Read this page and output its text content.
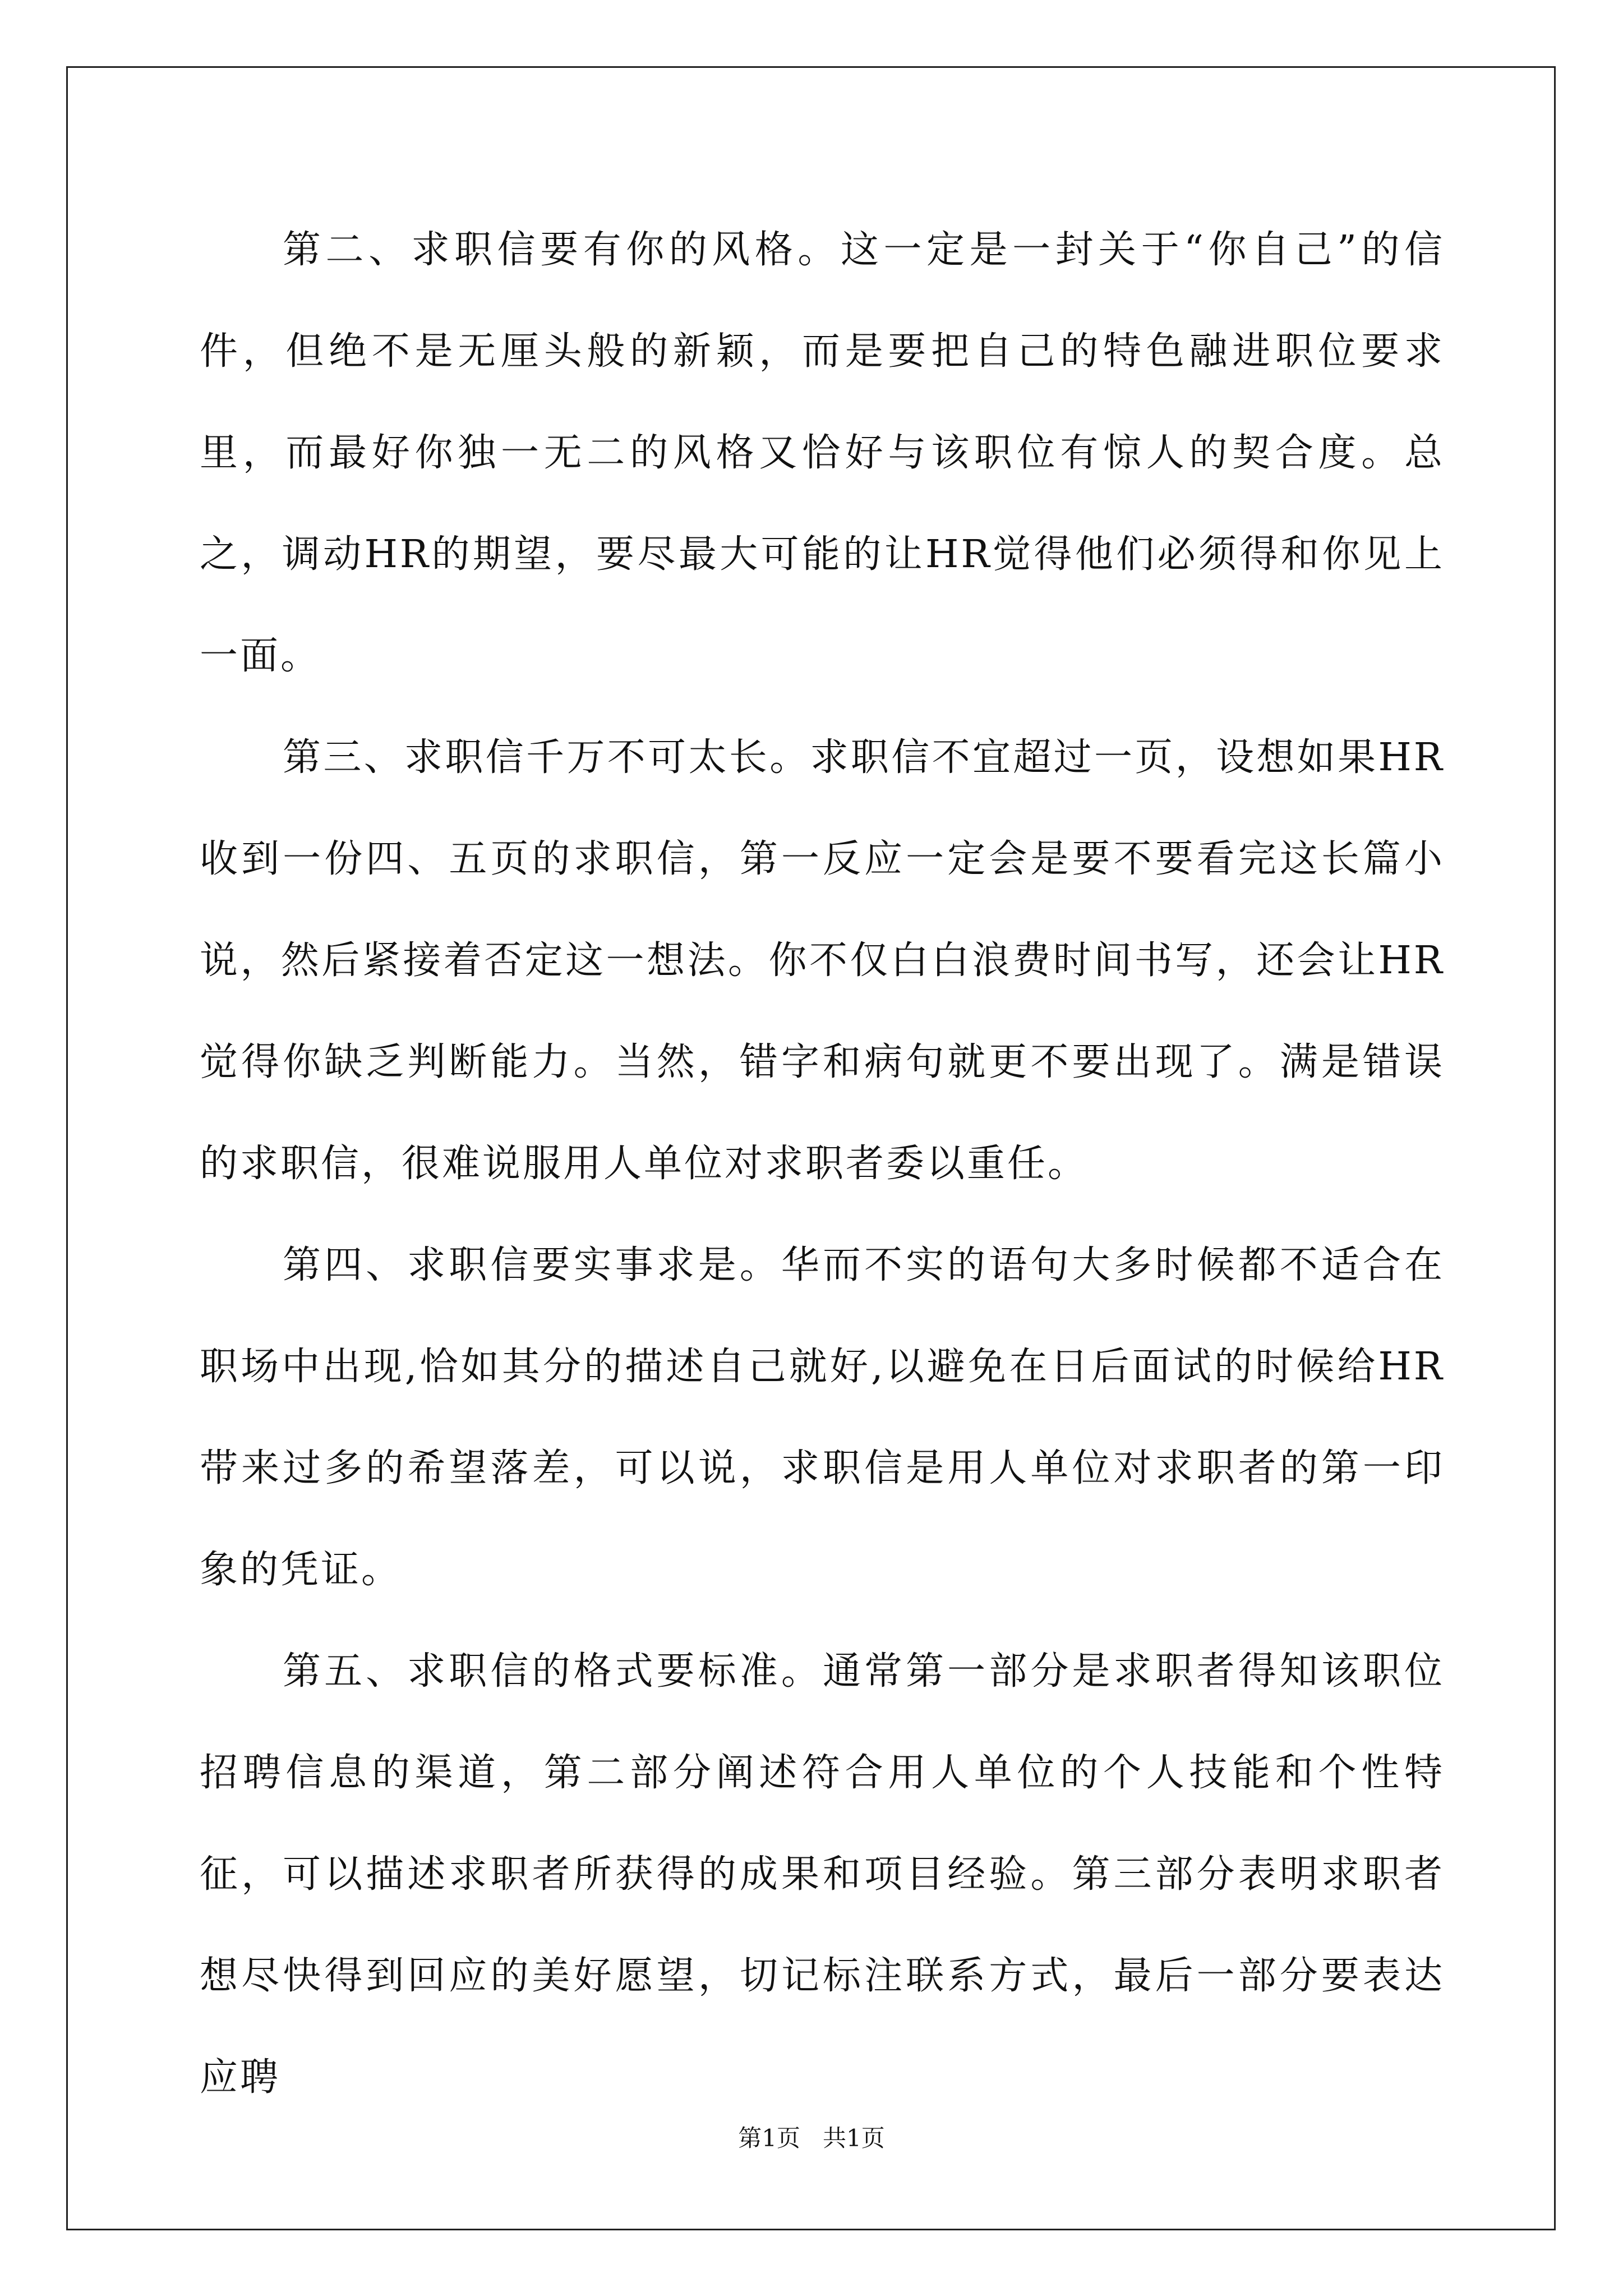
第二、求职信要有你的风格。这一定是一封关于“你自己”的信件，但绝不是无厘头般的新颖，而是要把自己的特色融进职位要求里，而最好你独一无二的风格又恰好与该职位有惊人的契合度。总之，调动HR的期望，要尽最大可能的让HR觉得他们必须得和你见上一面。

第三、求职信千万不可太长。求职信不宜超过一页，设想如果HR收到一份四、五页的求职信，第一反应一定会是要不要看完这长篇小说，然后紧接着否定这一想法。你不仅白白浪费时间书写，还会让HR觉得你缺乏判断能力。当然，错字和病句就更不要出现了。满是错误的求职信，很难说服用人单位对求职者委以重任。

第四、求职信要实事求是。华而不实的语句大多时候都不适合在职场中出现,恰如其分的描述自己就好,以避免在日后面试的时候给HR带来过多的希望落差，可以说，求职信是用人单位对求职者的第一印象的凭证。

第五、求职信的格式要标准。通常第一部分是求职者得知该职位招聘信息的渠道，第二部分阐述符合用人单位的个人技能和个性特征，可以描述求职者所获得的成果和项目经验。第三部分表明求职者想尽快得到回应的美好愿望，切记标注联系方式，最后一部分要表达应聘

第1页 共1页
